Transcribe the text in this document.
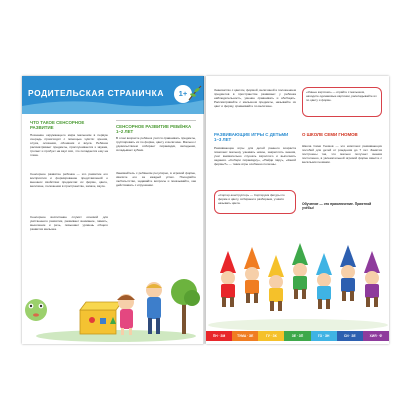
РОДИТЕЛЬСКАЯ СТРАНИЧКА	1+
ЧТО ТАКОЕ СЕНСОРНОЕ РАЗВИТИЕ
Познание окружающего мира малышом в первую очередь происходит с помощью чувств: зрения, слуха, осязания, обоняния и вкуса. Ребёнок рассматривает предметы, прислушивается к звукам, трогает и пробует на вкус всё, что попадается ему на глаза.
Сенсорное развитие ребёнка — это развитие его восприятия и формирование представлений о внешних свойствах предметов: их форме, цвете, величине, положении в пространстве, запахе, вкусе.
Сенсорное воспитание служит основой для умственного развития, развивает внимание, память, мышление и речь, повышает уровень общего развития малыша.
СЕНСОРНОЕ РАЗВИТИЕ РЕБЁНКА 1–2 ЛЕТ
В этом возрасте ребёнок учится сравнивать предметы, группировать их по форме, цвету и величине. Малыш с удовольствием собирает пирамидки, вкладыши, складывает кубики.
Занимайтесь с ребёнком регулярно, в игровой форме, хвалите его за каждый успех. Поощряйте любопытство, задавайте вопросы и показывайте, как действовать с игрушками.
Знакомство с цветом, формой, величиной и положением предметов в пространстве развивает у ребёнка наблюдательность, умение сравнивать и обобщать. Рассматривайте с малышом предметы, называйте их цвет и форму, сравнивайте по величине.
«Умные карточки» — играйте с малышом, находите одинаковые картинки, раскладывайте их по цвету и форме.
РАЗВИВАЮЩИЕ ИГРЫ С ДЕТЬМИ 1–3 ЛЕТ
Развивающие игры для детей раннего возраста помогают малышу узнавать новое, закреплять знания, учат внимательно слушать взрослого и выполнять задания. «Собери пирамидку», «Найди пару», «Какой формы?» — такие игры особенно полезны.
«Сортер-конструктор» — Сортируем фигуры по форме и цвету, собираем и разбираем, учимся называть цвета.
О ШКОЛЕ СЕМИ ГНОМОВ
Школа Семи Гномов — это комплекс развивающих пособий для детей от рождения до 7 лет. Занятия построены так, что малыш получает знания постепенно, в увлекательной игровой форме вместе с весёлыми гномами.
Обучение — это приключение. Приятной учёбы!
ПН ∙ ЗМ	ТУМА ∙ ЗЕ	ГУ ∙ ЗК	ЗЕ ∙ ЗП	ГО ∙ ЗН	СИ ∙ ЗЕ	ХИЯ ∙ Ф
